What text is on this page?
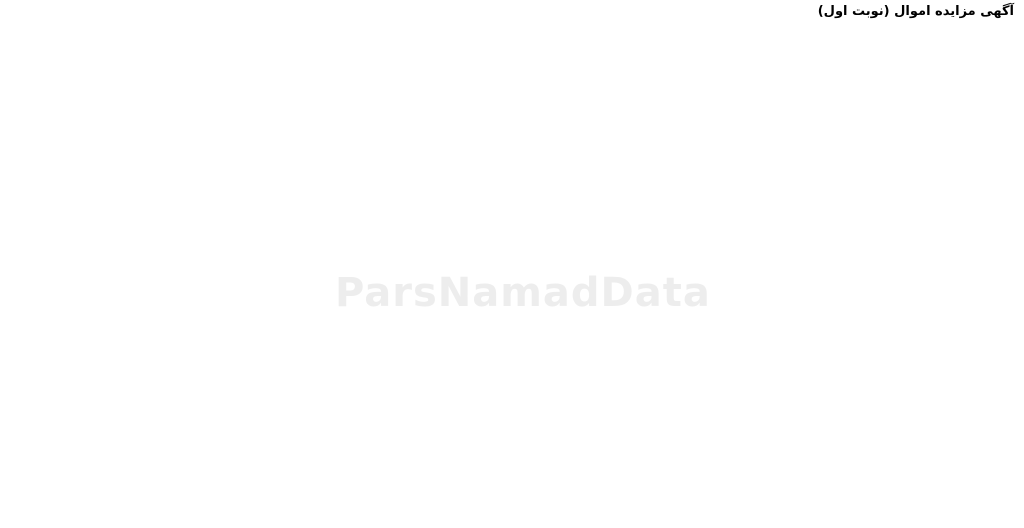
آگهی مزایده اموال (نوبت اول)

ParsNamadData
